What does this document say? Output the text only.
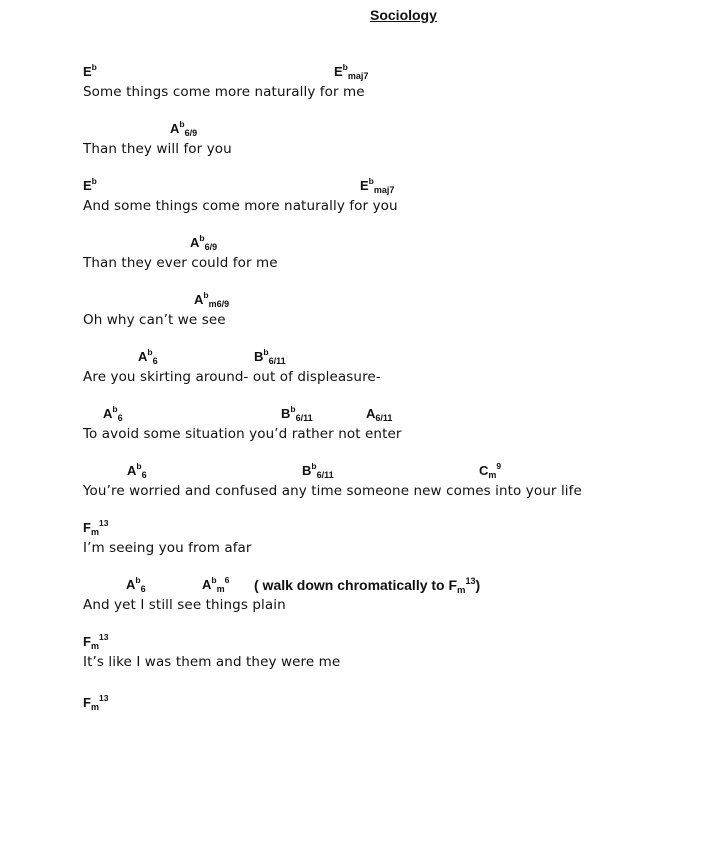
Sociology
$E^b$	$E^b_{maj7}$
Some things come more naturally for me
$A^b_{6/9}$
Than they will for you
$E^b$	$E^b_{maj7}$
And some things come more naturally for you
$A^b_{6/9}$
Than they ever could for me
$A^b_{m6/9}$
Oh why can’t we see
$A^b_6$	$B^b_{6/11}$
Are you skirting around- out of displeasure-
$A^b_6$	$B^b_{6/11}$	$A_{6/11}$
To avoid some situation you’d rather not enter
$A^b_6$	$B^b_{6/11}$	$C_m^9$
You’re worried and confused any time someone new comes into your life
$F_m^{13}$
I’m seeing you from afar
$A^b_6$	$A^b_m^6$ ( walk down chromatically to $F_m^{13}$)
And yet I still see things plain
$F_m^{13}$
It’s like I was them and they were me
$F_m^{13}$
